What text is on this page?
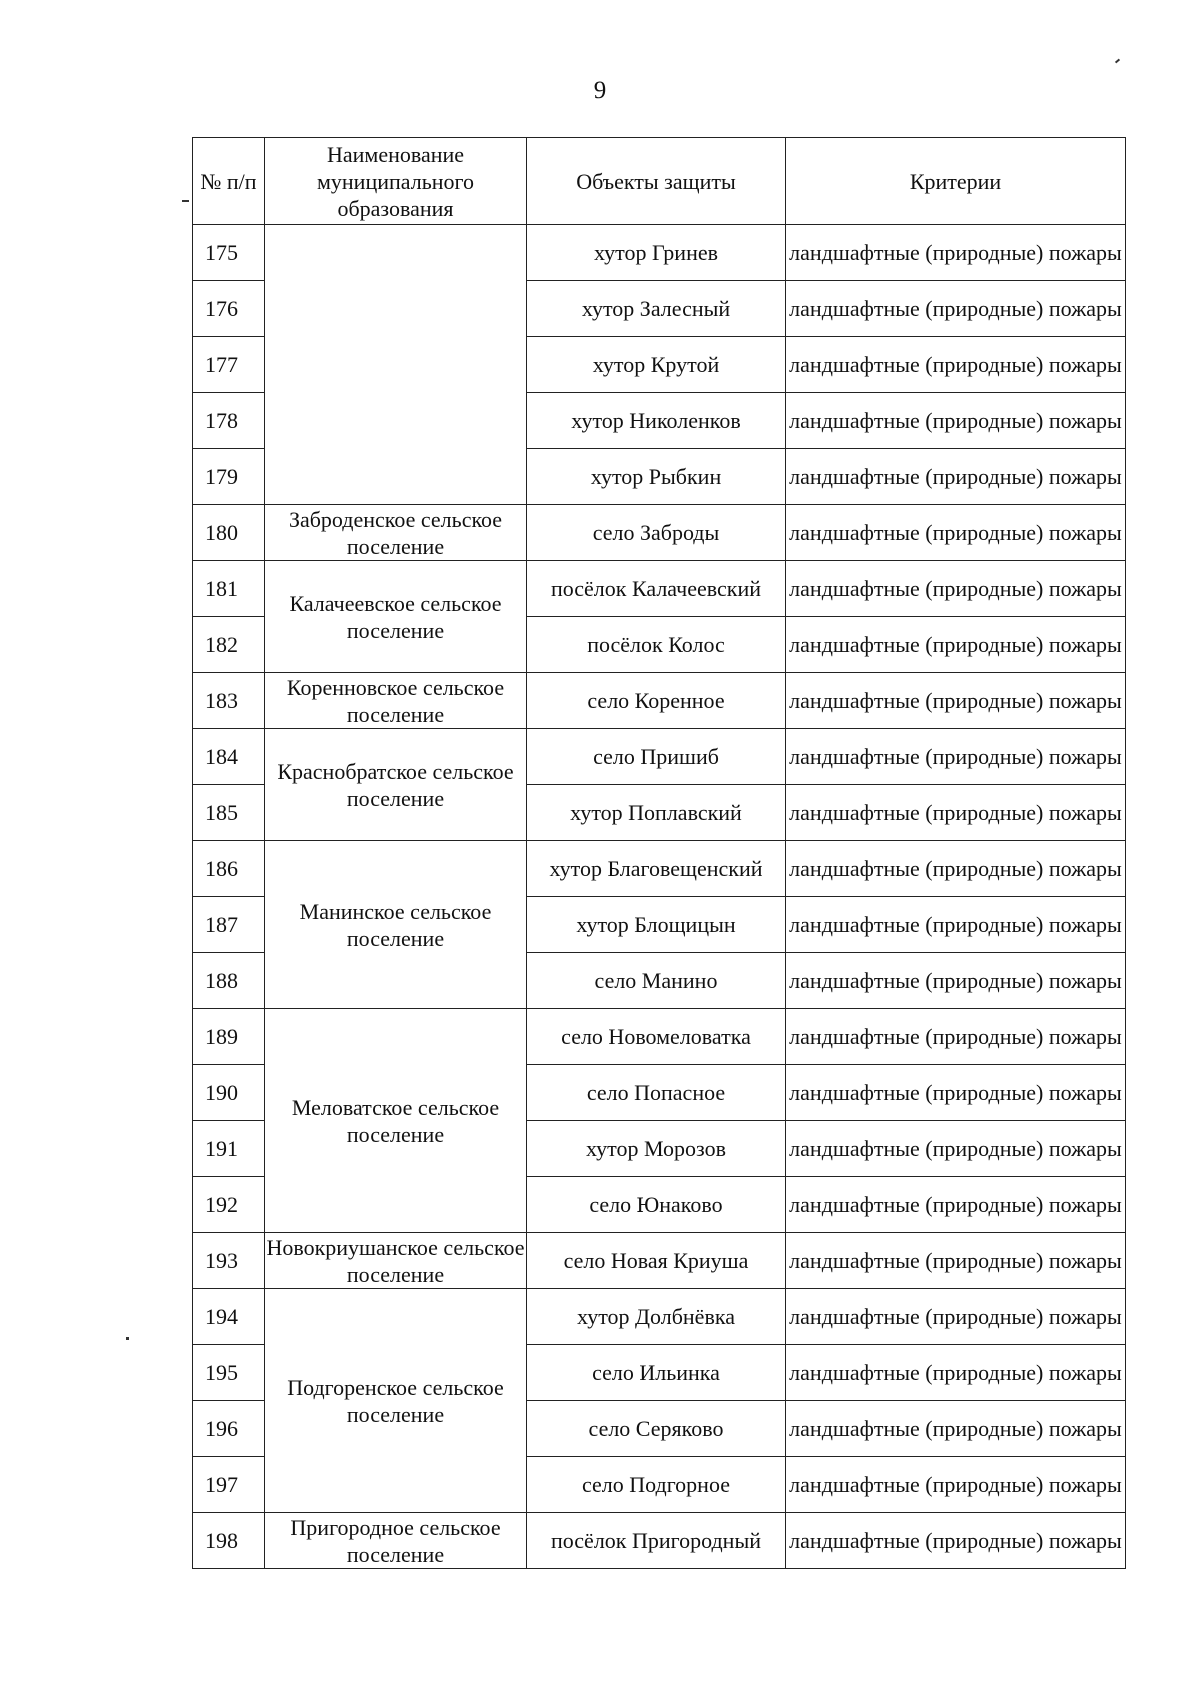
9
№ п/п	Наименование муниципального образования	Объекты защиты	Критерии
175		хутор Гринев	ландшафтные (природные) пожары
176		хутор Залесный	ландшафтные (природные) пожары
177		хутор Крутой	ландшафтные (природные) пожары
178		хутор Николенков	ландшафтные (природные) пожары
179		хутор Рыбкин	ландшафтные (природные) пожары
180	Заброденское сельское поселение	село Заброды	ландшафтные (природные) пожары
181	Калачеевское сельское поселение	посёлок Калачеевский	ландшафтные (природные) пожары
182		посёлок Колос	ландшафтные (природные) пожары
183	Коренновское сельское поселение	село Коренное	ландшафтные (природные) пожары
184	Краснобратское сельское поселение	село Пришиб	ландшафтные (природные) пожары
185		хутор Поплавский	ландшафтные (природные) пожары
186	Манинское сельское поселение	хутор Благовещенский	ландшафтные (природные) пожары
187		хутор Блощицын	ландшафтные (природные) пожары
188		село Манино	ландшафтные (природные) пожары
189	Меловатское сельское поселение	село Новомеловатка	ландшафтные (природные) пожары
190		село Попасное	ландшафтные (природные) пожары
191		хутор Морозов	ландшафтные (природные) пожары
192		село Юнаково	ландшафтные (природные) пожары
193	Новокриушанское сельское поселение	село Новая Криуша	ландшафтные (природные) пожары
194	Подгоренское сельское поселение	хутор Долбнёвка	ландшафтные (природные) пожары
195		село Ильинка	ландшафтные (природные) пожары
196		село Серяково	ландшафтные (природные) пожары
197		село Подгорное	ландшафтные (природные) пожары
198	Пригородное сельское поселение	посёлок Пригородный	ландшафтные (природные) пожары
